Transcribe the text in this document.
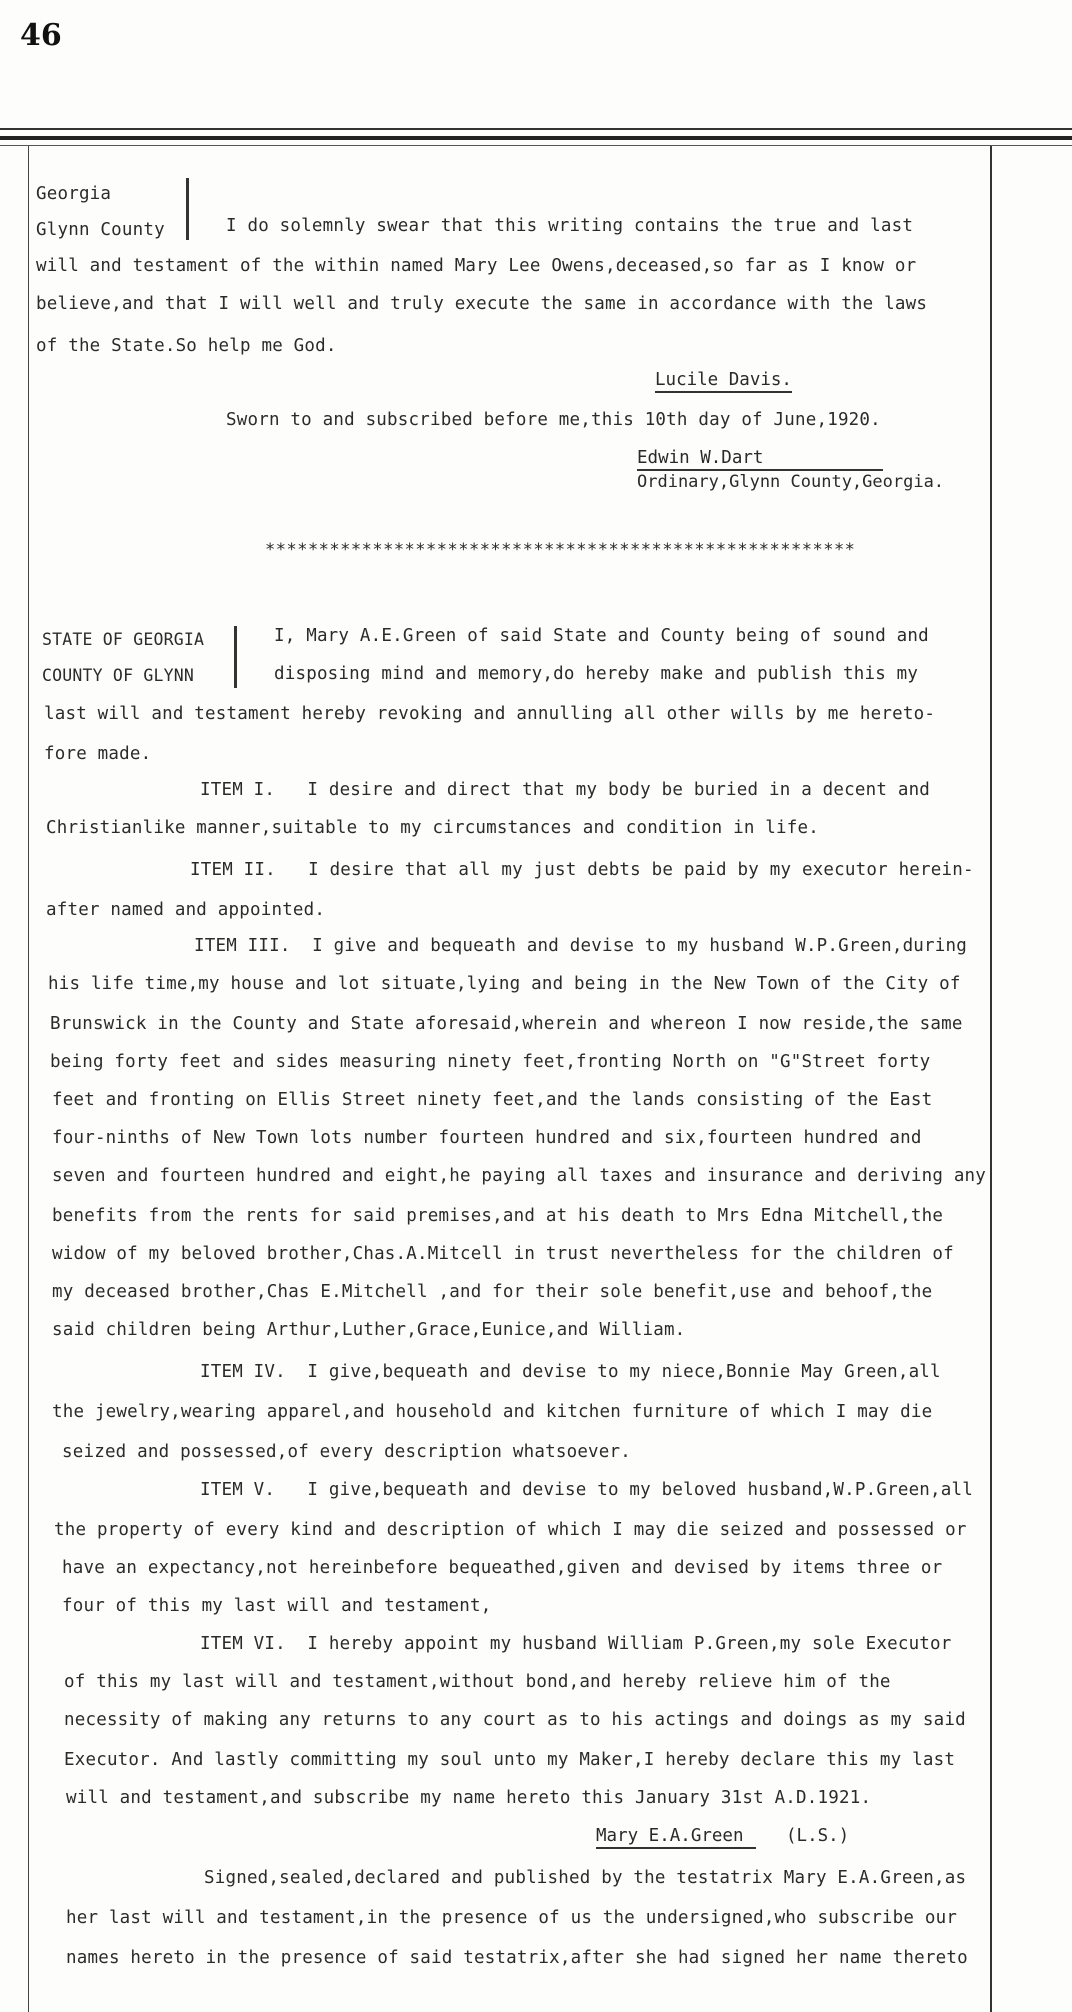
46
Georgia
Glynn County	I do solemnly swear that this writing contains the true and last
will and testament of the within named Mary Lee Owens,deceased,so far as I know or
believe,and that I will well and truly execute the same in accordance with the laws
of the State.So help me God.
Lucile Davis.
Sworn to and subscribed before me,this 10th day of June,1920.
Edwin W.Dart
Ordinary,Glynn County,Georgia.
*******************************************************
STATE OF GEORGIA
COUNTY OF GLYNN
I, Mary A.E.Green of said State and County being of sound and
disposing mind and memory,do hereby make and publish this my
last will and testament hereby revoking and annulling all other wills by me hereto-
fore made.
ITEM I.   I desire and direct that my body be buried in a decent and
Christianlike manner,suitable to my circumstances and condition in life.
ITEM II.   I desire that all my just debts be paid by my executor herein-
after named and appointed.
ITEM III.  I give and bequeath and devise to my husband W.P.Green,during
his life time,my house and lot situate,lying and being in the New Town of the City of
Brunswick in the County and State aforesaid,wherein and whereon I now reside,the same
being forty feet and sides measuring ninety feet,fronting North on "G"Street forty
feet and fronting on Ellis Street ninety feet,and the lands consisting of the East
four-ninths of New Town lots number fourteen hundred and six,fourteen hundred and
seven and fourteen hundred and eight,he paying all taxes and insurance and deriving any
benefits from the rents for said premises,and at his death to Mrs Edna Mitchell,the
widow of my beloved brother,Chas.A.Mitcell in trust nevertheless for the children of
my deceased brother,Chas E.Mitchell ,and for their sole benefit,use and behoof,the
said children being Arthur,Luther,Grace,Eunice,and William.
ITEM IV.  I give,bequeath and devise to my niece,Bonnie May Green,all
the jewelry,wearing apparel,and household and kitchen furniture of which I may die
seized and possessed,of every description whatsoever.
ITEM V.   I give,bequeath and devise to my beloved husband,W.P.Green,all
the property of every kind and description of which I may die seized and possessed or
have an expectancy,not hereinbefore bequeathed,given and devised by items three or
four of this my last will and testament,
ITEM VI.  I hereby appoint my husband William P.Green,my sole Executor
of this my last will and testament,without bond,and hereby relieve him of the
necessity of making any returns to any court as to his actings and doings as my said
Executor. And lastly committing my soul unto my Maker,I hereby declare this my last
will and testament,and subscribe my name hereto this January 31st A.D.1921.
Mary E.A.Green	(L.S.)
Signed,sealed,declared and published by the testatrix Mary E.A.Green,as
her last will and testament,in the presence of us the undersigned,who subscribe our
names hereto in the presence of said testatrix,after she had signed her name thereto
